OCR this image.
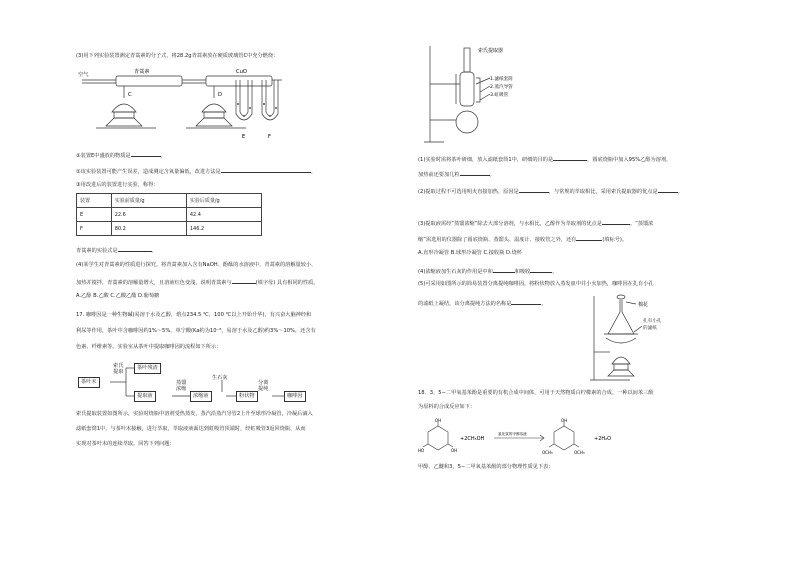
(3)用下列实验装置测定青蒿素的分子式，将28.2g青蒿素放在硬质玻璃管C中充分燃烧：
空气	青蒿素	CuO
C	D
E	F
①装置E中盛放的物质是	。
②该实验装置可能产生误差，造成测定含氧量偏低，改进方法是	。
③用改进后的装置进行实验，称得：
装置	实验前质量/g	实验后质量/g
E	22.6	42.4
F	80.2	146.2
青蒿素的实验式是	。
(4)某学生对青蒿素的性质进行探究。将青蒿素加入含有NaOH、酚酞的水溶液中，青蒿素的溶解量较小，
加热并搅拌，青蒿素的溶解量增大，且溶液红色变浅，说明青蒿素与	(填字母) 具有相同的性质。
A.乙醇 B.乙酸 C.乙酸乙酯 D.葡萄糖
17. 咖啡因是一种生物碱(易溶于水及乙醇，熔点234.5 ℃，100 ℃以上开始升华)，有兴奋大脑神经和
利尿等作用，茶叶中含咖啡因约1%～5%、单宁酸(Ka约为10⁻⁶，易溶于水及乙醇)约3%～10%，还含有
色素、纤维素等。实验室从茶叶中提取咖啡因的流程如下所示：
茶叶末
索氏
提取
茶叶残渣
提取液
蒸馏
浓缩
浓缩液
生石灰
粉状物
分离
提纯
咖啡因
索氏提取装置如图所示，实验时烧瓶中溶剂受热蒸发，蒸汽沿蒸汽导管2上升至球形冷凝管，冷凝后滴入
滤纸套筒1中，与茶叶末接触，进行萃取，萃取液液面达到虹吸管顶端时，经虹吸管3返回烧瓶，从而
实现对茶叶末的连续萃取。回答下列问题：
索氏提取器
1.滤纸套筒
2.蒸汽导管
3.虹吸管
(1)实验时需将茶叶研细，放入滤纸套筒1中，研细的目的是	，圆底烧瓶中加入95%乙醇为溶剂，
加热前还要加几粒	。
(2)提取过程不可选用明火直接加热，原因是	，与常规的萃取相比，采用索氏提取器的优点是	。
(3)提取液需经“蒸馏浓缩”除去大部分溶剂，与水相比，乙醇作为萃取剂的优点是	。“蒸馏浓
缩”需选用的仪器除了圆底烧瓶、蒸馏头、温度计、接收管之外，还有	(填标号)。
A.直形冷凝管 B.球形冷凝管 C.接收瓶 D.烧杯
(4)浓缩液加生石灰的作用是中和	和吸收	。
(5)可采用如图所示的简易装置分离提纯咖啡因。将粉状物放入蒸发皿中并小火加热，咖啡因在扎有小孔
棉花
扎有小孔
的滤纸
的滤纸上凝结，该分离提纯方法的名称是	。
18．3，5−二甲氧基苯酚是重要的有机合成中间体，可用于天然物质白柠檬素的合成。一种以间苯三酚
为原料的合成反应如下：
OH
HO	OH
+2CH₃OH
氯化氢的甲醇溶液
OH
OCH₃	OCH₃
+2H₂O
甲醇、乙醚和3，5−二甲氧基苯酚的部分物理性质见下表：
